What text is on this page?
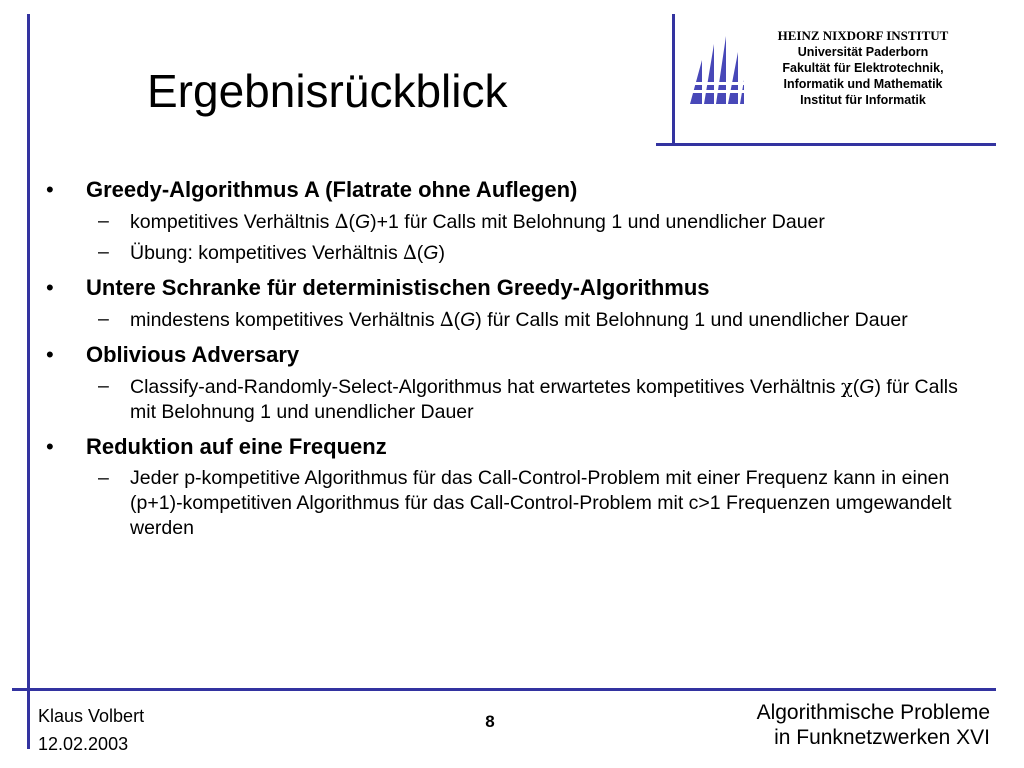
Ergebnisrückblick
HEINZ NIXDORF INSTITUT
Universität Paderborn
Fakultät für Elektrotechnik,
Informatik und Mathematik
Institut für Informatik
• Greedy-Algorithmus A (Flatrate ohne Auflegen)
– kompetitives Verhältnis ∆(G)+1 für Calls mit Belohnung 1 und unendlicher Dauer
– Übung: kompetitives Verhältnis ∆(G)
• Untere Schranke für deterministischen Greedy-Algorithmus
– mindestens kompetitives Verhältnis ∆(G) für Calls mit Belohnung 1 und unendlicher Dauer
• Oblivious Adversary
– Classify-and-Randomly-Select-Algorithmus hat erwartetes kompetitives Verhältnis χ(G) für Calls mit Belohnung 1 und unendlicher Dauer
• Reduktion auf eine Frequenz
– Jeder p-kompetitive Algorithmus für das Call-Control-Problem mit einer Frequenz kann in einen (p+1)-kompetitiven Algorithmus für das Call-Control-Problem mit c>1 Frequenzen umgewandelt werden
Klaus Volbert
12.02.2003
8	Algorithmische Probleme
in Funknetzwerken XVI
